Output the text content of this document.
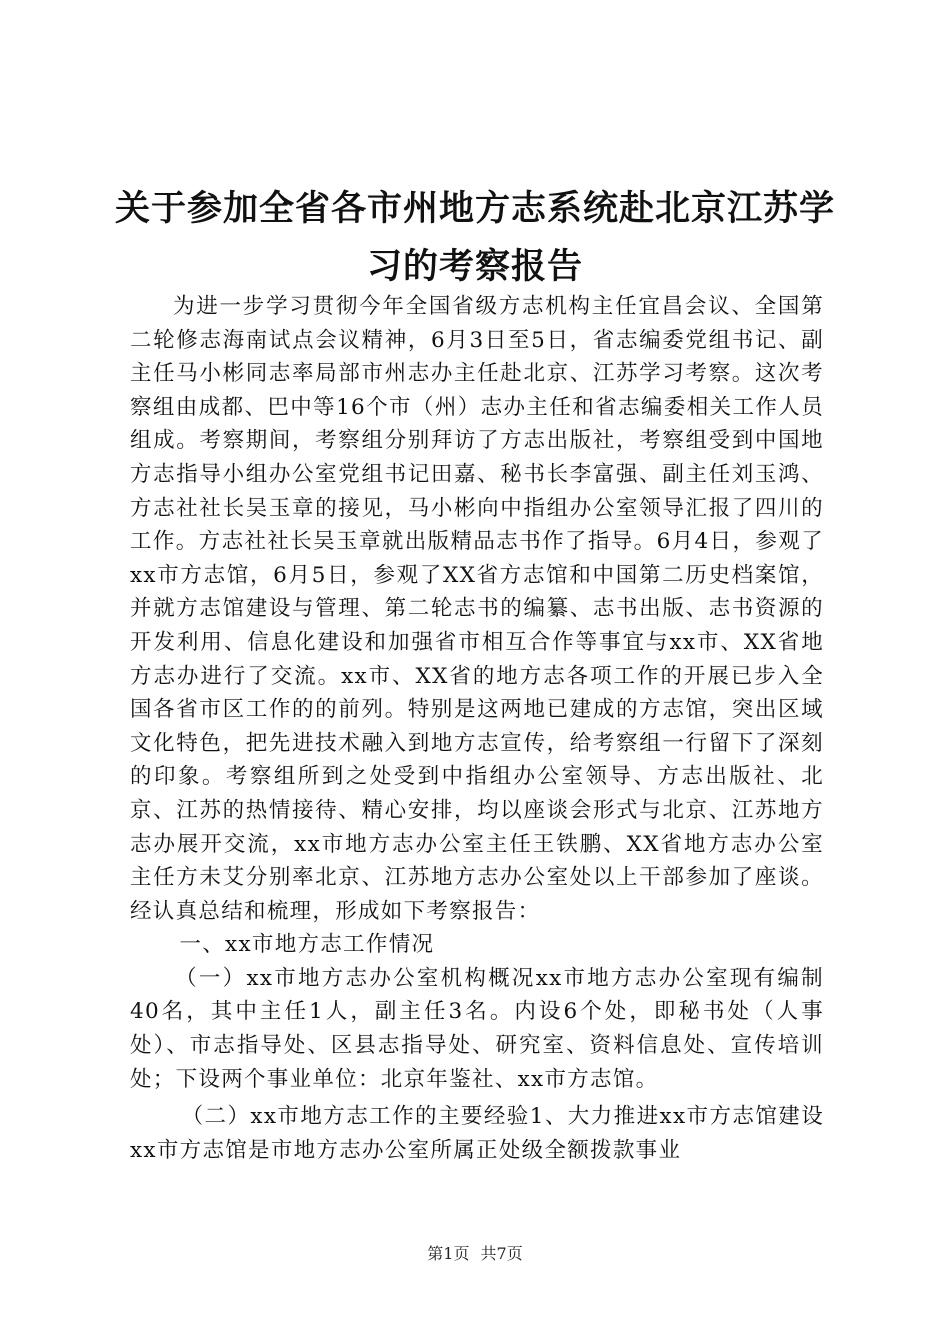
关于参加全省各市州地方志系统赴北京江苏学习的考察报告

为进一步学习贯彻今年全国省级方志机构主任宜昌会议、全国第二轮修志海南试点会议精神，6月3日至5日，省志编委党组书记、副主任马小彬同志率局部市州志办主任赴北京、江苏学习考察。这次考察组由成都、巴中等16个市（州）志办主任和省志编委相关工作人员组成。考察期间，考察组分别拜访了方志出版社，考察组受到中国地方志指导小组办公室党组书记田嘉、秘书长李富强、副主任刘玉鸿、方志社社长吴玉章的接见，马小彬向中指组办公室领导汇报了四川的工作。方志社社长吴玉章就出版精品志书作了指导。6月4日，参观了xx市方志馆，6月5日，参观了XX省方志馆和中国第二历史档案馆，并就方志馆建设与管理、第二轮志书的编纂、志书出版、志书资源的开发利用、信息化建设和加强省市相互合作等事宜与xx市、XX省地方志办进行了交流。xx市、XX省的地方志各项工作的开展已步入全国各省市区工作的的前列。特别是这两地已建成的方志馆，突出区域文化特色，把先进技术融入到地方志宣传，给考察组一行留下了深刻的印象。考察组所到之处受到中指组办公室领导、方志出版社、北京、江苏的热情接待、精心安排，均以座谈会形式与北京、江苏地方志办展开交流，xx市地方志办公室主任王铁鹏、XX省地方志办公室主任方未艾分别率北京、江苏地方志办公室处以上干部参加了座谈。经认真总结和梳理，形成如下考察报告：

一、xx市地方志工作情况

（一）xx市地方志办公室机构概况xx市地方志办公室现有编制40名，其中主任1人，副主任3名。内设6个处，即秘书处（人事处）、市志指导处、区县志指导处、研究室、资料信息处、宣传培训处；下设两个事业单位：北京年鉴社、xx市方志馆。

（二）xx市地方志工作的主要经验1、大力推进xx市方志馆建设xx市方志馆是市地方志办公室所属正处级全额拨款事业

第1页 共7页
